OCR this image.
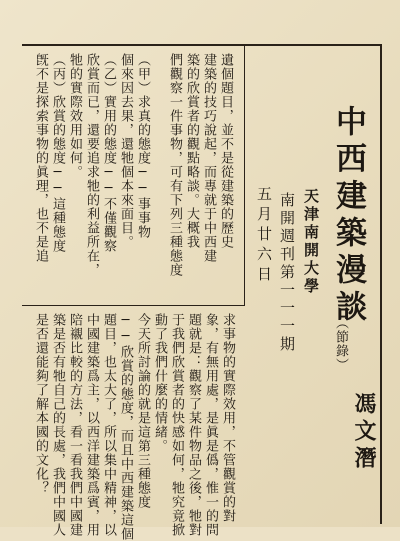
中西建築漫談
（節錄）
天津南開大學
南開週刊第一一一期
五月廿六日
馮文潛
遺個題目，並不是從建築的歷史
建築的技巧說起，而專就于中西建
築的欣賞者的觀點略談。大概我
們觀察一件事物，可有下列三種態度
（甲）求真的態度──事事物
個來因去果，還牠個本來面目。
（乙）實用的態度──不僅觀察
欣賞而已，還要追求牠的利益所在，
牠的實際效用如何。
（丙）欣賞的態度──這種態度
旣不是探索事物的眞理，也不是追
求事物的實際效用，不管觀賞的對
象，有無用處，是眞是僞，惟一的問
題就是：觀察了某件物品之後，牠對
于我們欣賞者的快感如何，牠究竟掀
動了我們什麼的情緒。
今天所討論的就是這第三種態度
──欣賞的態度，而且中西建築這個
題目，也太大了，所以集中精神，以
中國建築爲主，以西洋建築爲賓，用
陪襯比較的方法，看一看我們中國建
築是否有牠自己的長處，我們中國人
是否還能夠了解本國的文化？
